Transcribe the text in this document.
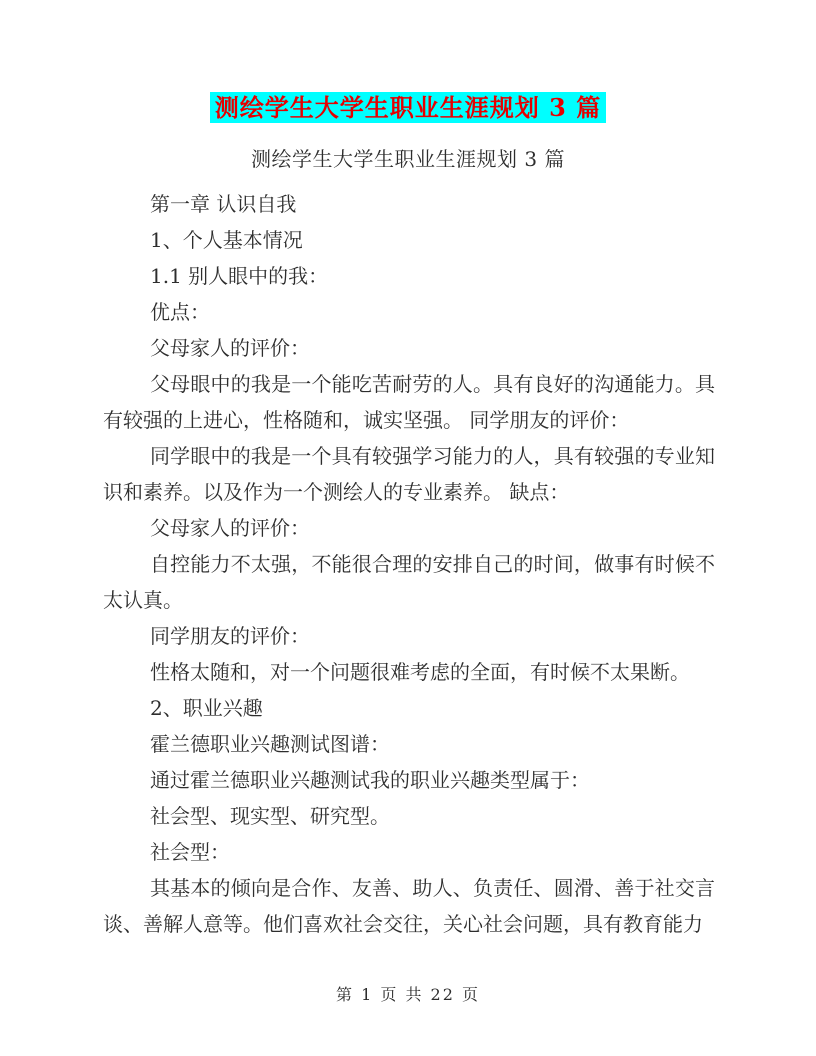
测绘学生大学生职业生涯规划 3 篇
测绘学生大学生职业生涯规划 3 篇

第一章 认识自我

1、个人基本情况

1.1 别人眼中的我：

优点：

父母家人的评价：

父母眼中的我是一个能吃苦耐劳的人。具有良好的沟通能力。具有较强的上进心，性格随和，诚实坚强。 同学朋友的评价：

同学眼中的我是一个具有较强学习能力的人，具有较强的专业知识和素养。以及作为一个测绘人的专业素养。 缺点：

父母家人的评价：

自控能力不太强，不能很合理的安排自己的时间，做事有时候不太认真。

同学朋友的评价：

性格太随和，对一个问题很难考虑的全面，有时候不太果断。

2、职业兴趣

霍兰德职业兴趣测试图谱：

通过霍兰德职业兴趣测试我的职业兴趣类型属于：

社会型、现实型、研究型。

社会型：

其基本的倾向是合作、友善、助人、负责任、圆滑、善于社交言谈、善解人意等。他们喜欢社会交往，关心社会问题，具有教育能力

第 1 页 共 22 页
